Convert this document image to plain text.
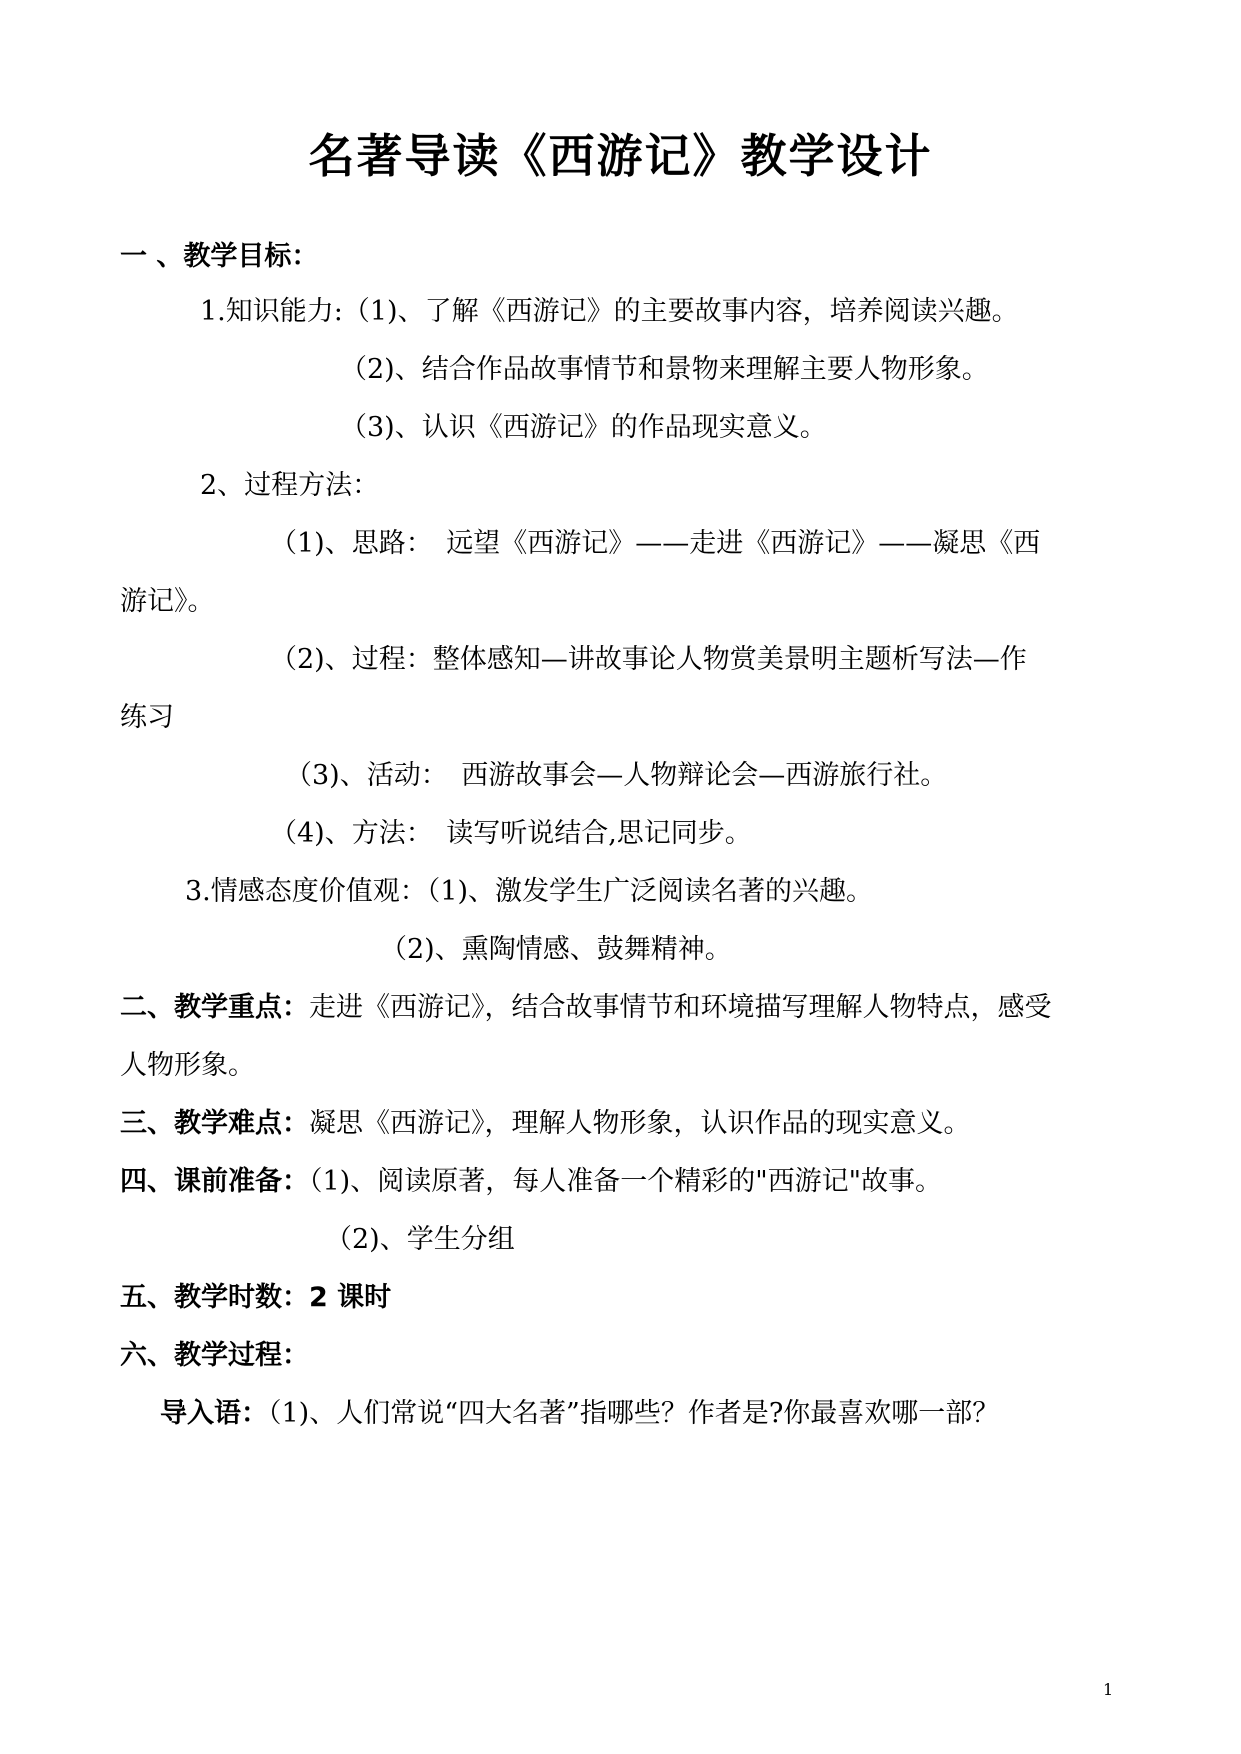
名著导读《西游记》教学设计
一 、教学目标：
1.知识能力:（1)、了解《西游记》的主要故事内容，培养阅读兴趣。
（2)、结合作品故事情节和景物来理解主要人物形象。
（3)、认识《西游记》的作品现实意义。
2、过程方法：
（1)、思路：　远望《西游记》——走进《西游记》——凝思《西
游记》。
（2)、过程：整体感知—讲故事论人物赏美景明主题析写法—作
练习
（3)、活动：　西游故事会—人物辩论会—西游旅行社。
（4)、方法：　读写听说结合,思记同步。
3.情感态度价值观：（1)、激发学生广泛阅读名著的兴趣。
（2)、熏陶情感、鼓舞精神。
二、教学重点：走进《西游记》，结合故事情节和环境描写理解人物特点，感受
人物形象。
三、教学难点：凝思《西游记》，理解人物形象，认识作品的现实意义。
四、课前准备：（1)、阅读原著，每人准备一个精彩的"西游记"故事。
（2)、学生分组
五、教学时数：2 课时
六、教学过程：
导入语：（1)、人们常说“四大名著”指哪些？作者是?你最喜欢哪一部？
1
